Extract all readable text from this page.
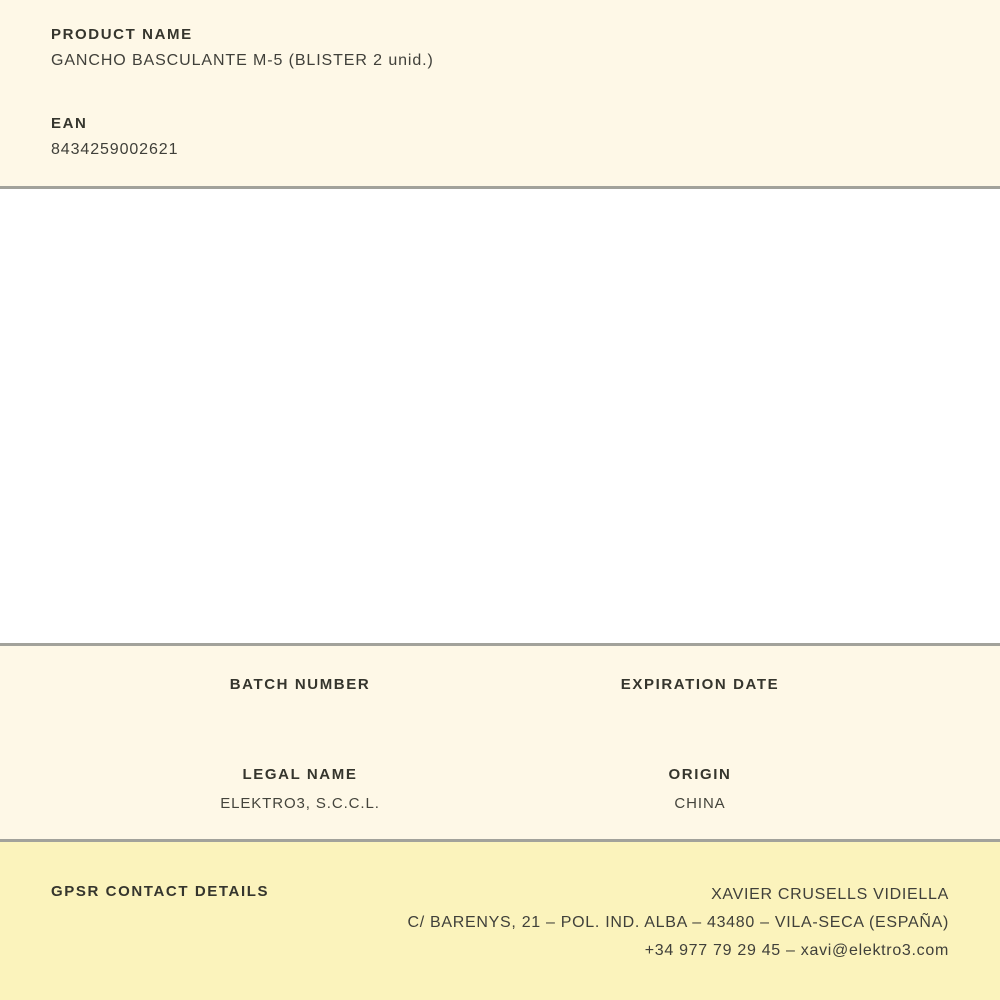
PRODUCT NAME
GANCHO BASCULANTE M-5 (BLISTER 2 unid.)
EAN
8434259002621
BATCH NUMBER	EXPIRATION DATE
LEGAL NAME	ORIGIN
ELEKTRO3, S.C.C.L.	CHINA
GPSR CONTACT DETAILS	XAVIER CRUSELLS VIDIELLA
C/ BARENYS, 21 – POL. IND. ALBA – 43480 – VILA-SECA (ESPAÑA)
+34 977 79 29 45 – xavi@elektro3.com
